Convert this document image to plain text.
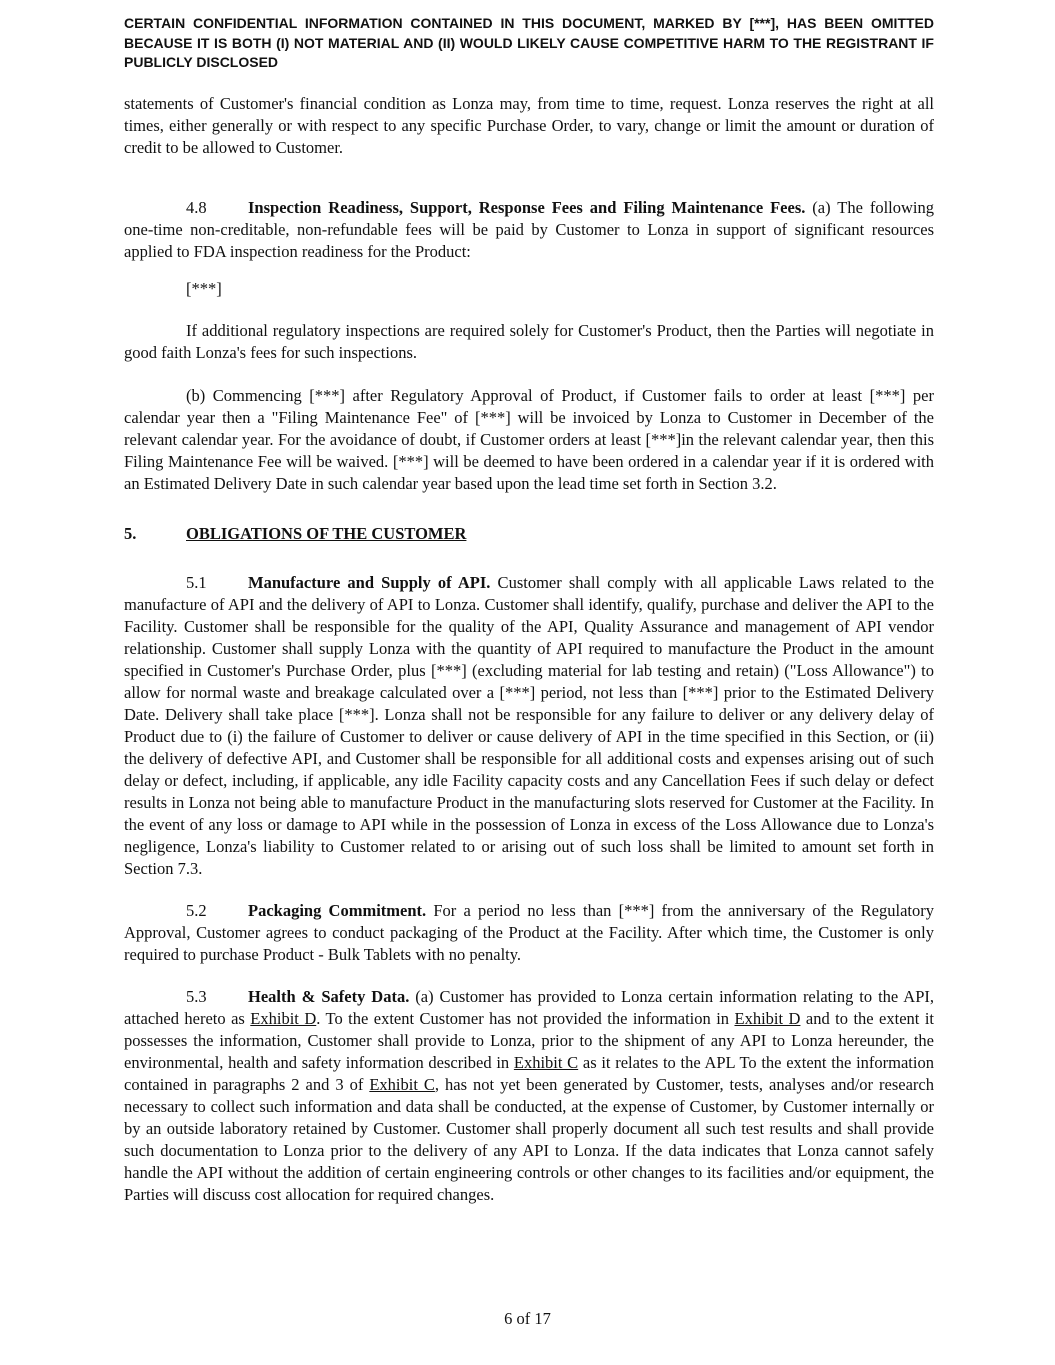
CERTAIN CONFIDENTIAL INFORMATION CONTAINED IN THIS DOCUMENT, MARKED BY [***], HAS BEEN OMITTED BECAUSE IT IS BOTH (I) NOT MATERIAL AND (II) WOULD LIKELY CAUSE COMPETITIVE HARM TO THE REGISTRANT IF PUBLICLY DISCLOSED

statements of Customer's financial condition as Lonza may, from time to time, request. Lonza reserves the right at all times, either generally or with respect to any specific Purchase Order, to vary, change or limit the amount or duration of credit to be allowed to Customer.

4.8	Inspection Readiness, Support, Response Fees and Filing Maintenance Fees. (a) The following one-time non-creditable, non-refundable fees will be paid by Customer to Lonza in support of significant resources applied to FDA inspection readiness for the Product:

[***]

If additional regulatory inspections are required solely for Customer's Product, then the Parties will negotiate in good faith Lonza's fees for such inspections.

(b) Commencing [***] after Regulatory Approval of Product, if Customer fails to order at least [***] per calendar year then a "Filing Maintenance Fee" of [***] will be invoiced by Lonza to Customer in December of the relevant calendar year. For the avoidance of doubt, if Customer orders at least [***]in the relevant calendar year, then this Filing Maintenance Fee will be waived. [***] will be deemed to have been ordered in a calendar year if it is ordered with an Estimated Delivery Date in such calendar year based upon the lead time set forth in Section 3.2.

5.	OBLIGATIONS OF THE CUSTOMER

5.1	Manufacture and Supply of API. Customer shall comply with all applicable Laws related to the manufacture of API and the delivery of API to Lonza. Customer shall identify, qualify, purchase and deliver the API to the Facility. Customer shall be responsible for the quality of the API, Quality Assurance and management of API vendor relationship. Customer shall supply Lonza with the quantity of API required to manufacture the Product in the amount specified in Customer's Purchase Order, plus [***] (excluding material for lab testing and retain) ("Loss Allowance") to allow for normal waste and breakage calculated over a [***] period, not less than [***] prior to the Estimated Delivery Date. Delivery shall take place [***]. Lonza shall not be responsible for any failure to deliver or any delivery delay of Product due to (i) the failure of Customer to deliver or cause delivery of API in the time specified in this Section, or (ii) the delivery of defective API, and Customer shall be responsible for all additional costs and expenses arising out of such delay or defect, including, if applicable, any idle Facility capacity costs and any Cancellation Fees if such delay or defect results in Lonza not being able to manufacture Product in the manufacturing slots reserved for Customer at the Facility. In the event of any loss or damage to API while in the possession of Lonza in excess of the Loss Allowance due to Lonza's negligence, Lonza's liability to Customer related to or arising out of such loss shall be limited to amount set forth in Section 7.3.

5.2	Packaging Commitment. For a period no less than [***] from the anniversary of the Regulatory Approval, Customer agrees to conduct packaging of the Product at the Facility. After which time, the Customer is only required to purchase Product - Bulk Tablets with no penalty.

5.3	Health & Safety Data. (a) Customer has provided to Lonza certain information relating to the API, attached hereto as Exhibit D. To the extent Customer has not provided the information in Exhibit D and to the extent it possesses the information, Customer shall provide to Lonza, prior to the shipment of any API to Lonza hereunder, the environmental, health and safety information described in Exhibit C as it relates to the APL To the extent the information contained in paragraphs 2 and 3 of Exhibit C, has not yet been generated by Customer, tests, analyses and/or research necessary to collect such information and data shall be conducted, at the expense of Customer, by Customer internally or by an outside laboratory retained by Customer. Customer shall properly document all such test results and shall provide such documentation to Lonza prior to the delivery of any API to Lonza. If the data indicates that Lonza cannot safely handle the API without the addition of certain engineering controls or other changes to its facilities and/or equipment, the Parties will discuss cost allocation for required changes.

6 of 17
